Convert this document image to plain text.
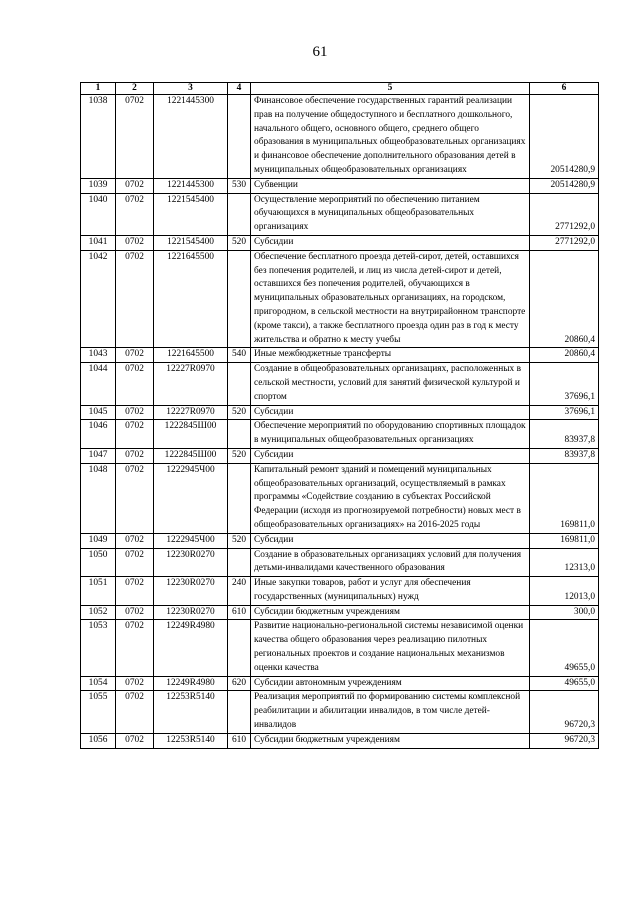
61
1	2	3	4	5	6
1038	0702	1221445300		Финансовое обеспечение государственных гарантий реализации прав на получение общедоступного и бесплатного дошкольного, начального общего, основного общего, среднего общего образования в муниципальных общеобразовательных организациях и финансовое обеспечение дополнительного образования детей в муниципальных общеобразовательных организациях	20514280,9
1039	0702	1221445300	530	Субвенции	20514280,9
1040	0702	1221545400		Осуществление мероприятий по обеспечению питанием обучающихся в муниципальных общеобразовательных организациях	2771292,0
1041	0702	1221545400	520	Субсидии	2771292,0
1042	0702	1221645500		Обеспечение бесплатного проезда детей-сирот, детей, оставшихся без попечения родителей, и лиц из числа детей-сирот и детей, оставшихся без попечения родителей, обучающихся в муниципальных образовательных организациях, на городском, пригородном, в сельской местности на внутрирайонном транспорте (кроме такси), а также бесплатного проезда один раз в год к месту жительства и обратно к месту учебы	20860,4
1043	0702	1221645500	540	Иные межбюджетные трансферты	20860,4
1044	0702	12227R0970		Создание в общеобразовательных организациях, расположенных в сельской местности, условий для занятий физической культурой и спортом	37696,1
1045	0702	12227R0970	520	Субсидии	37696,1
1046	0702	1222845Ш00		Обеспечение мероприятий по оборудованию спортивных площадок в муниципальных общеобразовательных организациях	83937,8
1047	0702	1222845Ш00	520	Субсидии	83937,8
1048	0702	1222945Ч00		Капитальный ремонт зданий и помещений муниципальных общеобразовательных организаций, осуществляемый в рамках программы «Содействие созданию в субъектах Российской Федерации (исходя из прогнозируемой потребности) новых мест в общеобразовательных организациях» на 2016-2025 годы	169811,0
1049	0702	1222945Ч00	520	Субсидии	169811,0
1050	0702	12230R0270		Создание в образовательных организациях условий для получения детьми-инвалидами качественного образования	12313,0
1051	0702	12230R0270	240	Иные закупки товаров, работ и услуг для обеспечения государственных (муниципальных) нужд	12013,0
1052	0702	12230R0270	610	Субсидии бюджетным учреждениям	300,0
1053	0702	12249R4980		Развитие национально-региональной системы независимой оценки качества общего образования через реализацию пилотных региональных проектов и создание национальных механизмов оценки качества	49655,0
1054	0702	12249R4980	620	Субсидии автономным учреждениям	49655,0
1055	0702	12253R5140		Реализация мероприятий по формированию системы комплексной реабилитации и абилитации инвалидов, в том числе детей-инвалидов	96720,3
1056	0702	12253R5140	610	Субсидии бюджетным учреждениям	96720,3
